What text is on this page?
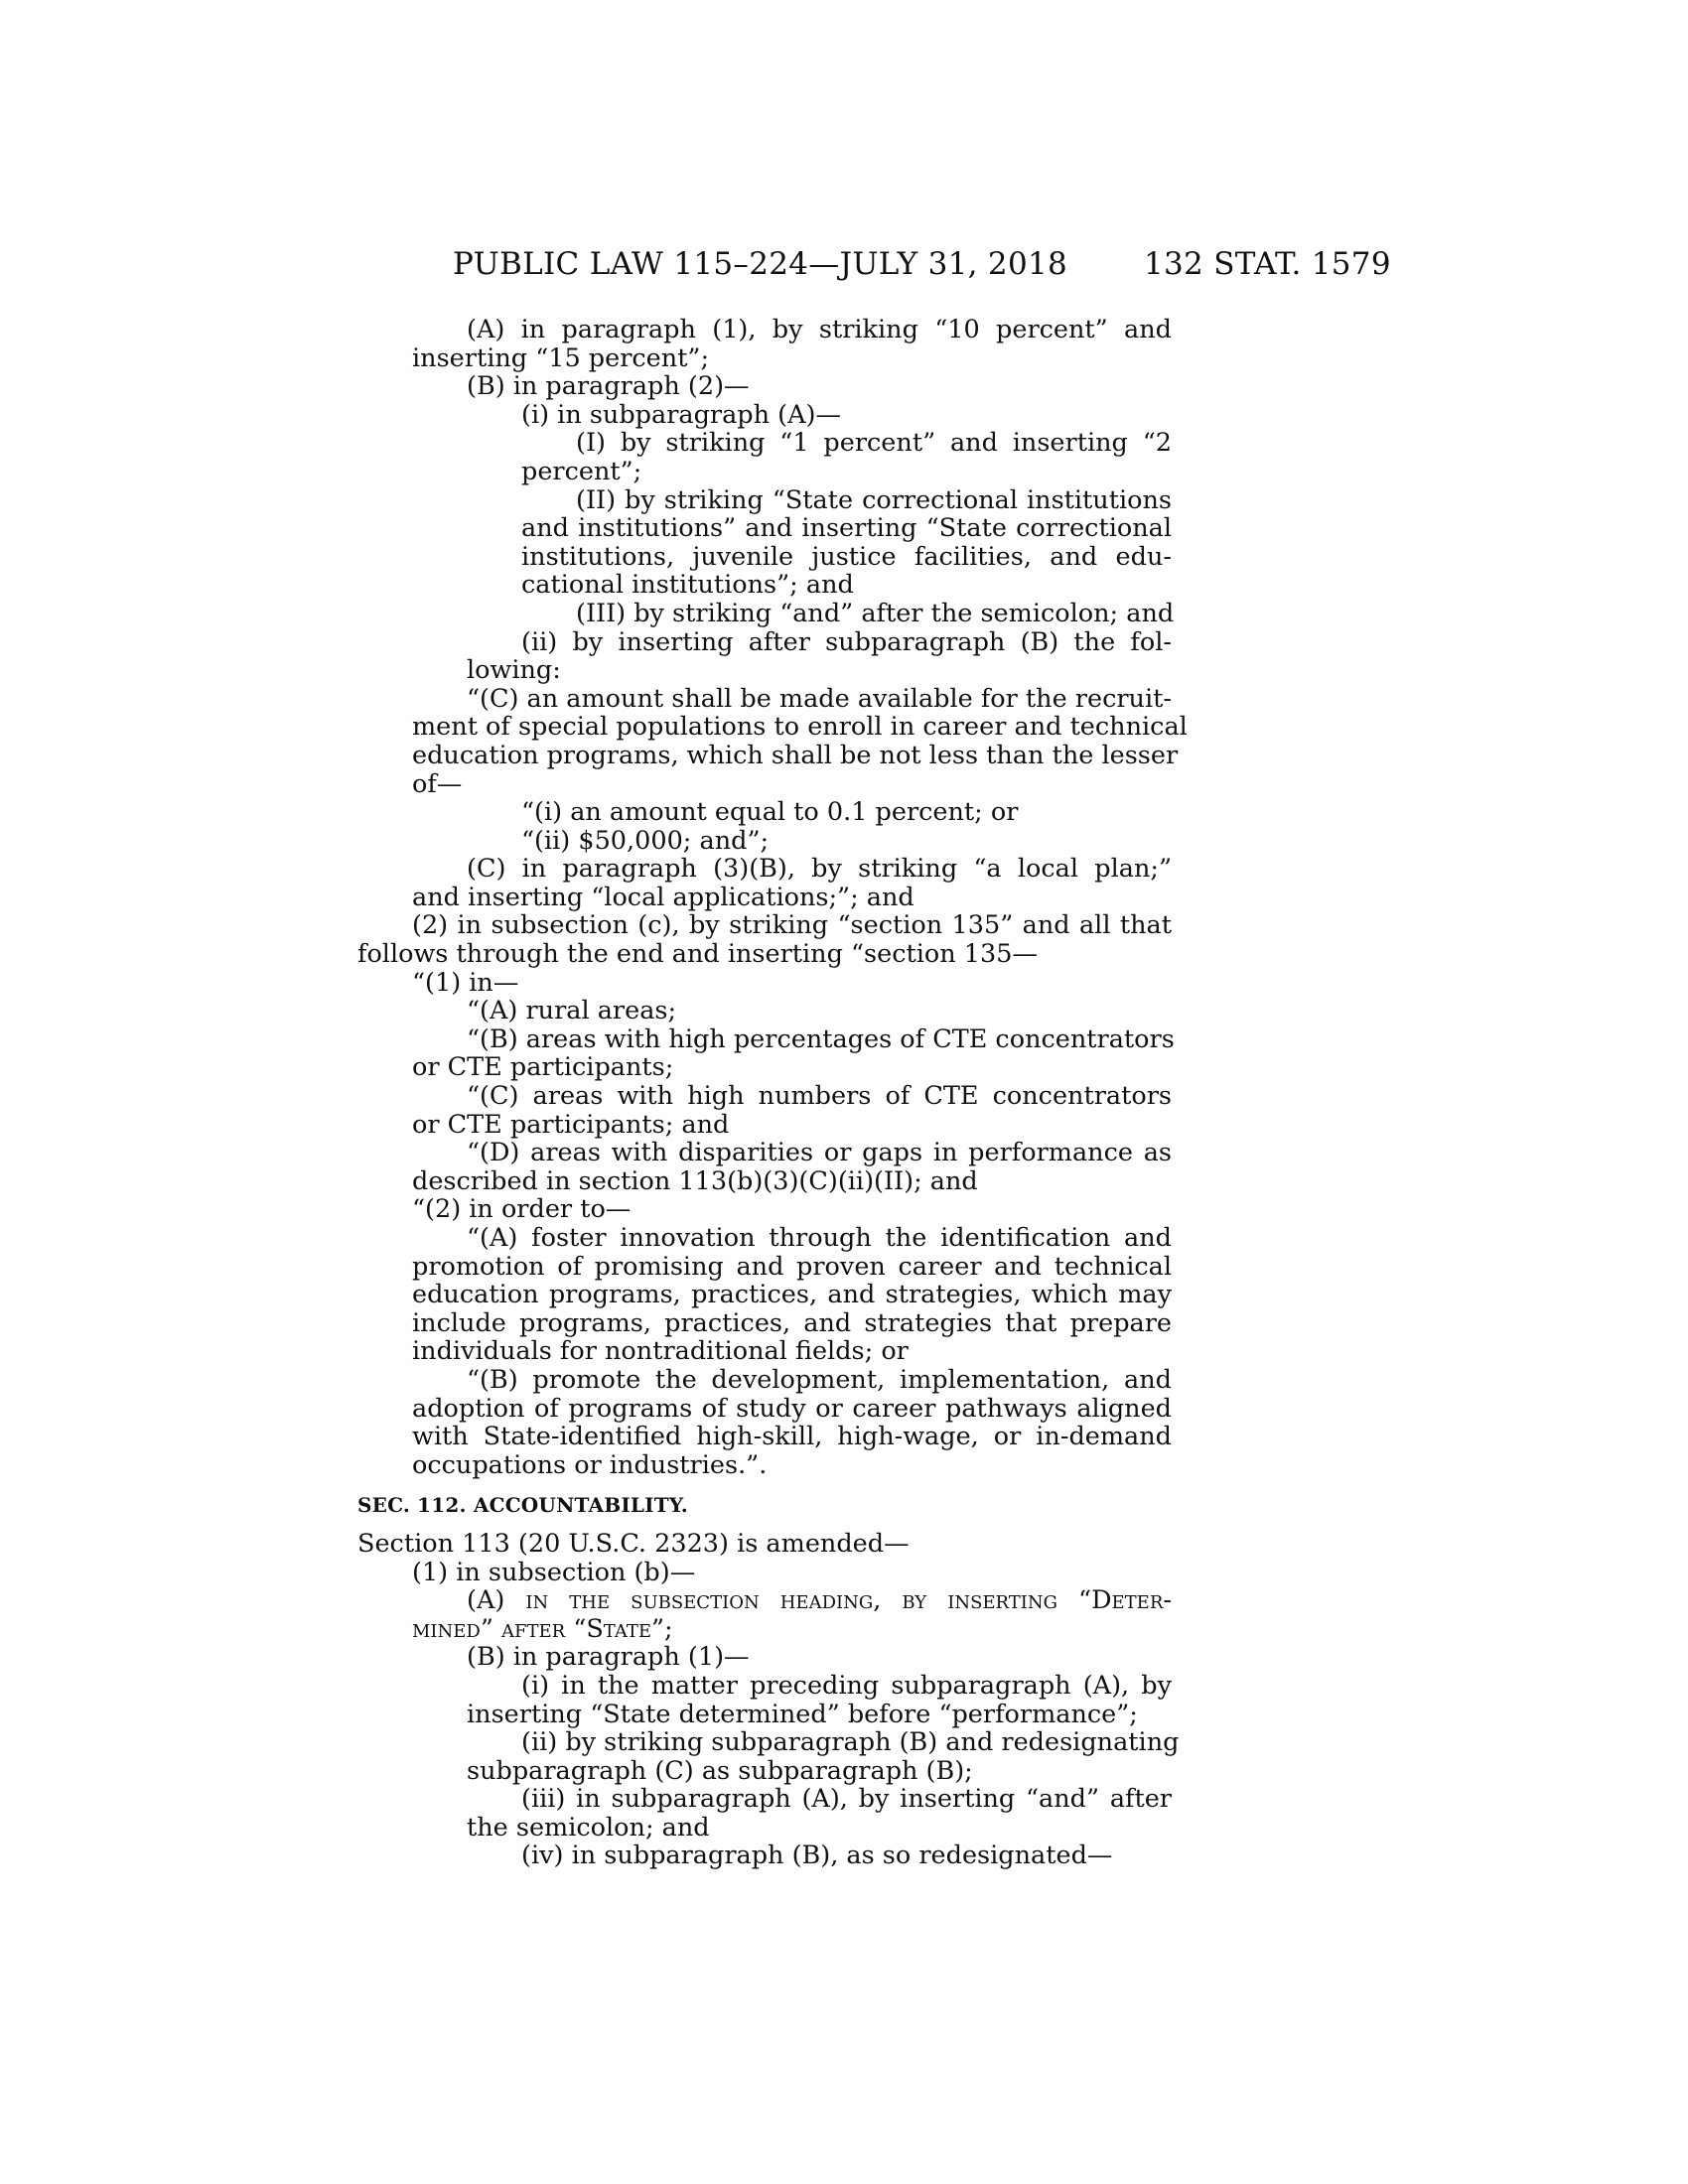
PUBLIC LAW 115–224—JULY 31, 2018 132 STAT. 1579
(A) in paragraph (1), by striking “10 percent” and
inserting “15 percent”;
(B) in paragraph (2)—
(i) in subparagraph (A)—
(I) by striking “1 percent” and inserting “2
percent”;
(II) by striking “State correctional institutions
and institutions” and inserting “State correctional
institutions, juvenile justice facilities, and edu-
cational institutions”; and
(III) by striking “and” after the semicolon; and
(ii) by inserting after subparagraph (B) the fol-
lowing:
“(C) an amount shall be made available for the recruit-
ment of special populations to enroll in career and technical
education programs, which shall be not less than the lesser
of—
“(i) an amount equal to 0.1 percent; or
“(ii) $50,000; and”;
(C) in paragraph (3)(B), by striking “a local plan;”
and inserting “local applications;”; and
(2) in subsection (c), by striking “section 135” and all that
follows through the end and inserting “section 135—
“(1) in—
“(A) rural areas;
“(B) areas with high percentages of CTE concentrators
or CTE participants;
“(C) areas with high numbers of CTE concentrators
or CTE participants; and
“(D) areas with disparities or gaps in performance as
described in section 113(b)(3)(C)(ii)(II); and
“(2) in order to—
“(A) foster innovation through the identification and
promotion of promising and proven career and technical
education programs, practices, and strategies, which may
include programs, practices, and strategies that prepare
individuals for nontraditional fields; or
“(B) promote the development, implementation, and
adoption of programs of study or career pathways aligned
with State-identified high-skill, high-wage, or in-demand
occupations or industries.”.
SEC. 112. ACCOUNTABILITY.
Section 113 (20 U.S.C. 2323) is amended—
(1) in subsection (b)—
(A) in the subsection heading, by inserting “Deter-
mined” after “State”;
(B) in paragraph (1)—
(i) in the matter preceding subparagraph (A), by
inserting “State determined” before “performance”;
(ii) by striking subparagraph (B) and redesignating
subparagraph (C) as subparagraph (B);
(iii) in subparagraph (A), by inserting “and” after
the semicolon; and
(iv) in subparagraph (B), as so redesignated—
